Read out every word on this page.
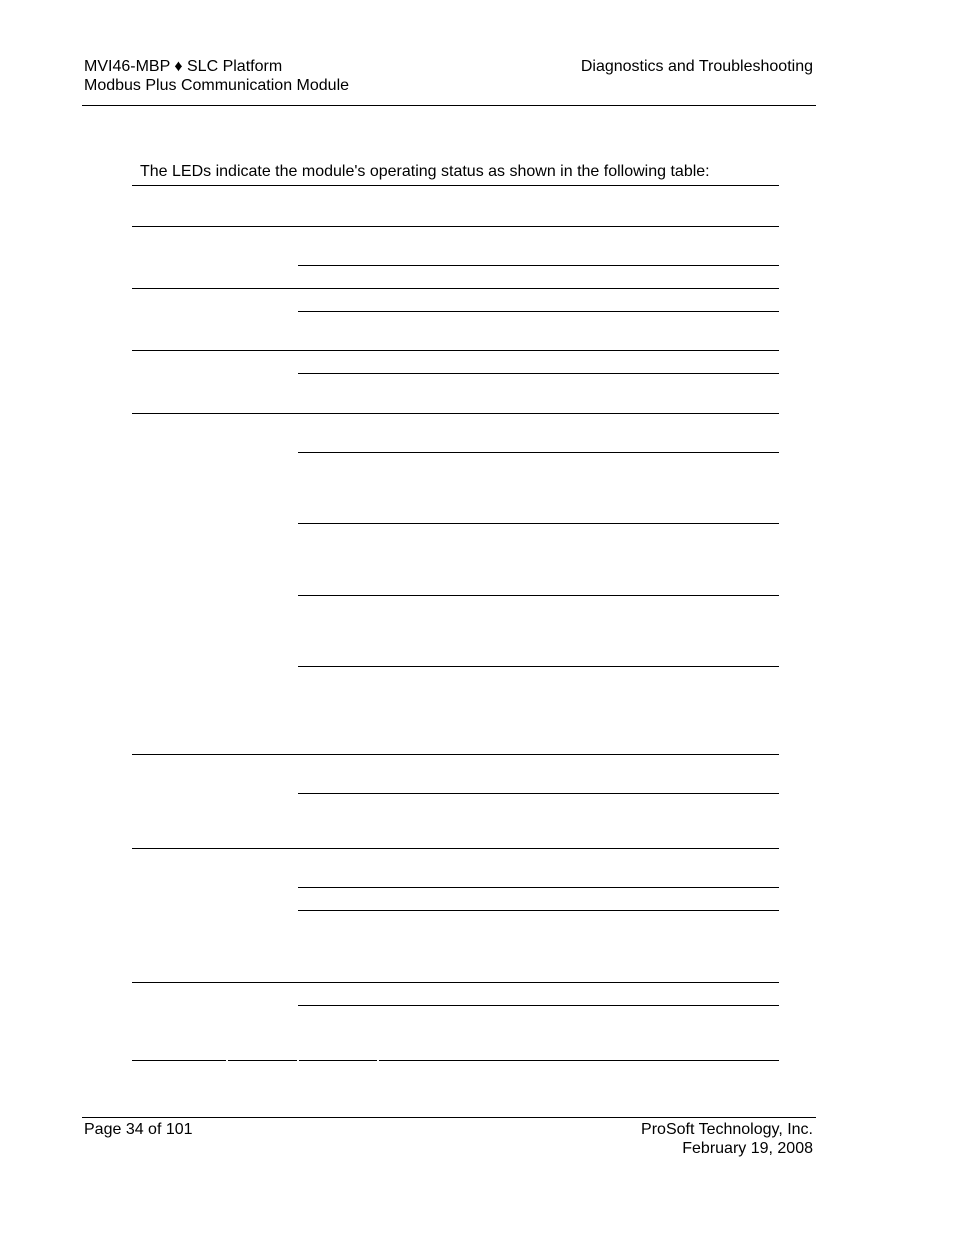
MVI46-MBP ♦ SLC Platform
Modbus Plus Communication Module
Diagnostics and Troubleshooting
The LEDs indicate the module's operating status as shown in the following table:
Page 34 of 101	ProSoft Technology, Inc.
February 19, 2008
